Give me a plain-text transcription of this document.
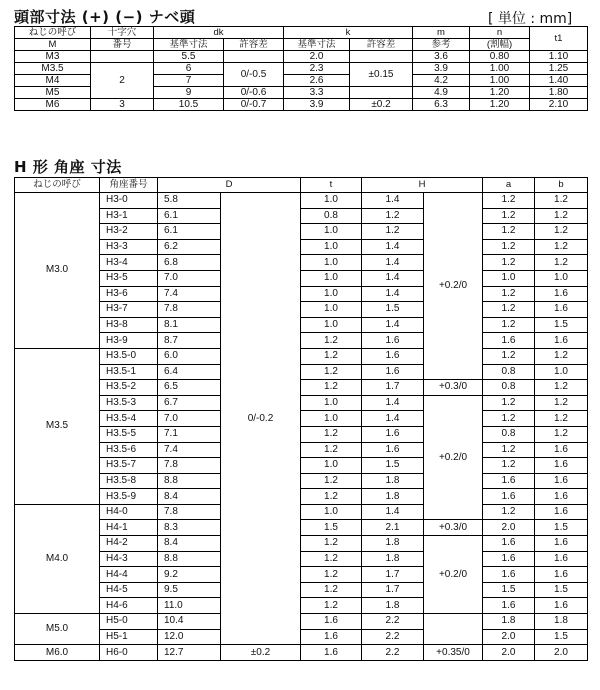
頭部寸法 (+) (−) ナベ頭	[ 単位 : mm]
ねじの呼び	十字穴	dk		k		m	n	t1
M	番号	基準寸法	許容差	基準寸法	許容差	参考	(割幅)	
M3		5.5		2.0		3.6	0.80	1.10
M3.5	2	6	0/-0.5	2.3	±0.15	3.9	1.00	1.25
M4		7		2.6		4.2	1.00	1.40
M5		9	0/-0.6	3.3		4.9	1.20	1.80
M6	3	10.5	0/-0.7	3.9	±0.2	6.3	1.20	2.10
H 形 角座 寸法
ねじの呼び	角座番号	D		t	H		a	b
M3.0	H3-0	5.8	0/-0.2	1.0	1.4	+0.2/0	1.2	1.2
	H3-1	6.1		0.8	1.2		1.2	1.2
	H3-2	6.1		1.0	1.2		1.2	1.2
	H3-3	6.2		1.0	1.4		1.2	1.2
	H3-4	6.8		1.0	1.4		1.2	1.2
	H3-5	7.0		1.0	1.4		1.0	1.0
	H3-6	7.4		1.0	1.4		1.2	1.6
	H3-7	7.8		1.0	1.5		1.2	1.6
	H3-8	8.1		1.0	1.4		1.2	1.5
	H3-9	8.7		1.2	1.6		1.6	1.6
M3.5	H3.5-0	6.0		1.2	1.6		1.2	1.2
	H3.5-1	6.4		1.2	1.6		0.8	1.0
	H3.5-2	6.5		1.2	1.7	+0.3/0	0.8	1.2
	H3.5-3	6.7		1.0	1.4	+0.2/0	1.2	1.2
	H3.5-4	7.0		1.0	1.4		1.2	1.2
	H3.5-5	7.1		1.2	1.6		0.8	1.2
	H3.5-6	7.4		1.2	1.6		1.2	1.6
	H3.5-7	7.8		1.0	1.5		1.2	1.6
	H3.5-8	8.8		1.2	1.8		1.6	1.6
	H3.5-9	8.4		1.2	1.8		1.6	1.6
M4.0	H4-0	7.8		1.0	1.4		1.2	1.6
	H4-1	8.3		1.5	2.1	+0.3/0	2.0	1.5
	H4-2	8.4		1.2	1.8	+0.2/0	1.6	1.6
	H4-3	8.8		1.2	1.8		1.6	1.6
	H4-4	9.2		1.2	1.7		1.6	1.6
	H4-5	9.5		1.2	1.7		1.5	1.5
	H4-6	11.0		1.2	1.8		1.6	1.6
M5.0	H5-0	10.4		1.6	2.2		1.8	1.8
	H5-1	12.0		1.6	2.2		2.0	1.5
M6.0	H6-0	12.7	±0.2	1.6	2.2	+0.35/0	2.0	2.0
